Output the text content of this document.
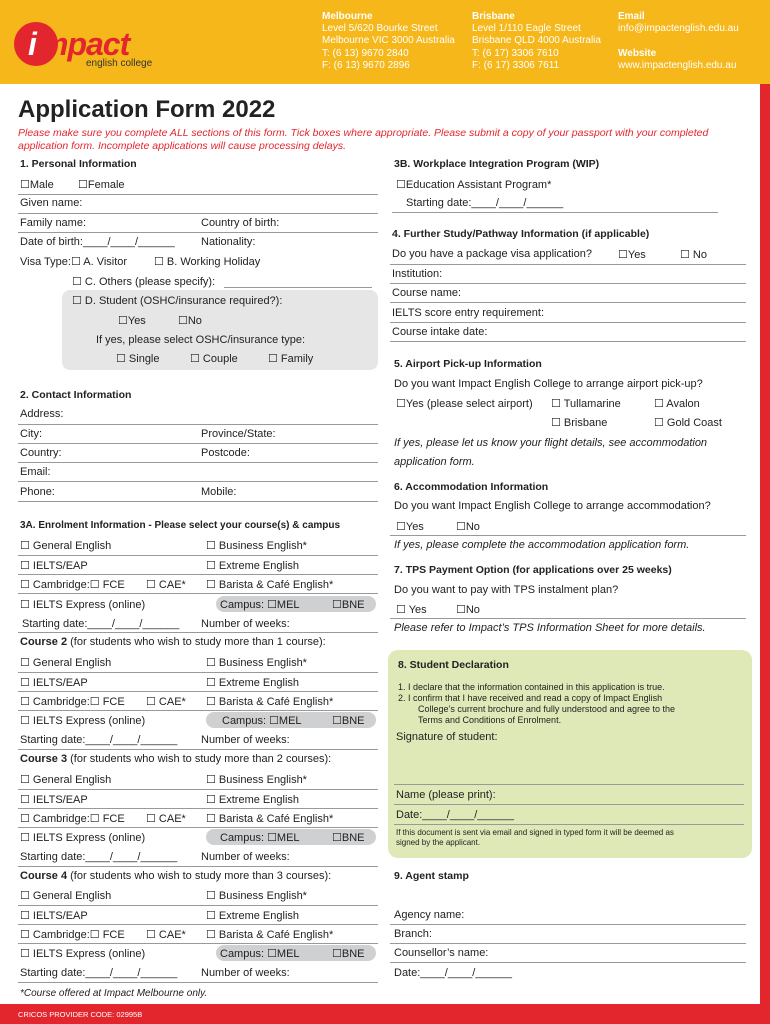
i mpact
english college
Melbourne
Level 5/620 Bourke Street
Melbourne VIC 3000 Australia
T: (6 13) 9670 2840
F: (6 13) 9670 2896
Brisbane
Level 1/110 Eagle Street
Brisbane QLD 4000 Australia
T: (6 17) 3306 7610
F: (6 17) 3306 7611
Email
info@impactenglish.edu.au
Website
www.impactenglish.edu.au
Application Form 2022
Please make sure you complete ALL sections of this form. Tick boxes where appropriate. Please submit a copy of your passport with your completed application form. Incomplete applications will cause processing delays.
1. Personal Information
☐Male ☐Female
Given name:
Family name:	Country of birth:
Date of birth:____/____/______ Nationality:
Visa Type:☐ A. Visitor ☐ B. Working Holiday
☐ C. Others (please specify):
☐ D. Student (OSHC/insurance required?):
☐Yes	☐No
If yes, please select OSHC/insurance type:
☐ Single	☐ Couple	☐ Family
2. Contact Information
Address:
City:	Province/State:
Country:	Postcode:
Email:
Phone:	Mobile:
3A. Enrolment Information - Please select your course(s) & campus
☐ General English	☐ Business English*
☐ IELTS/EAP	☐ Extreme English
☐ Cambridge:☐ FCE ☐ CAE* ☐ Barista & Café English*
☐ IELTS Express (online)	Campus: ☐MEL	☐BNE
Starting date:____/____/______ Number of weeks:
Course 2 (for students who wish to study more than 1 course):
☐ General English	☐ Business English*
☐ IELTS/EAP	☐ Extreme English
☐ Cambridge:☐ FCE ☐ CAE* ☐ Barista & Café English*
☐ IELTS Express (online)	Campus: ☐MEL	☐BNE
Starting date:____/____/______ Number of weeks:
Course 3 (for students who wish to study more than 2 courses):
☐ General English	☐ Business English*
☐ IELTS/EAP	☐ Extreme English
☐ Cambridge:☐ FCE ☐ CAE* ☐ Barista & Café English*
☐ IELTS Express (online)	Campus: ☐MEL	☐BNE
Starting date:____/____/______ Number of weeks:
Course 4 (for students who wish to study more than 3 courses):
☐ General English	☐ Business English*
☐ IELTS/EAP	☐ Extreme English
☐ Cambridge:☐ FCE ☐ CAE* ☐ Barista & Café English*
☐ IELTS Express (online)	Campus: ☐MEL	☐BNE
Starting date:____/____/______ Number of weeks:
*Course offered at Impact Melbourne only.
3B. Workplace Integration Program (WIP)
☐Education Assistant Program*
Starting date:____/____/______
4. Further Study/Pathway Information (if applicable)
Do you have a package visa application? ☐Yes	☐ No
Institution:
Course name:
IELTS score entry requirement:
Course intake date:
5. Airport Pick-up Information
Do you want Impact English College to arrange airport pick-up?
☐Yes (please select airport) ☐ Tullamarine	☐ Avalon
☐ Brisbane	☐ Gold Coast
If yes, please let us know your flight details, see accommodation application form.
6. Accommodation Information
Do you want Impact English College to arrange accommodation?
☐Yes	☐No
If yes, please complete the accommodation application form.
7. TPS Payment Option (for applications over 25 weeks)
Do you want to pay with TPS instalment plan?
☐ Yes	☐No
Please refer to Impact’s TPS Information Sheet for more details.
8. Student Declaration
1. I declare that the information contained in this application is true.
2. I confirm that I have received and read a copy of Impact English
College’s current brochure and fully understood and agree to the
Terms and Conditions of Enrolment.
Signature of student:
Name (please print):
Date:____/____/______
If this document is sent via email and signed in typed form it will be deemed as
signed by the applicant.
9. Agent stamp
Agency name:
Branch:
Counsellor’s name:
Date:____/____/______
CRICOS PROVIDER CODE: 02995B
